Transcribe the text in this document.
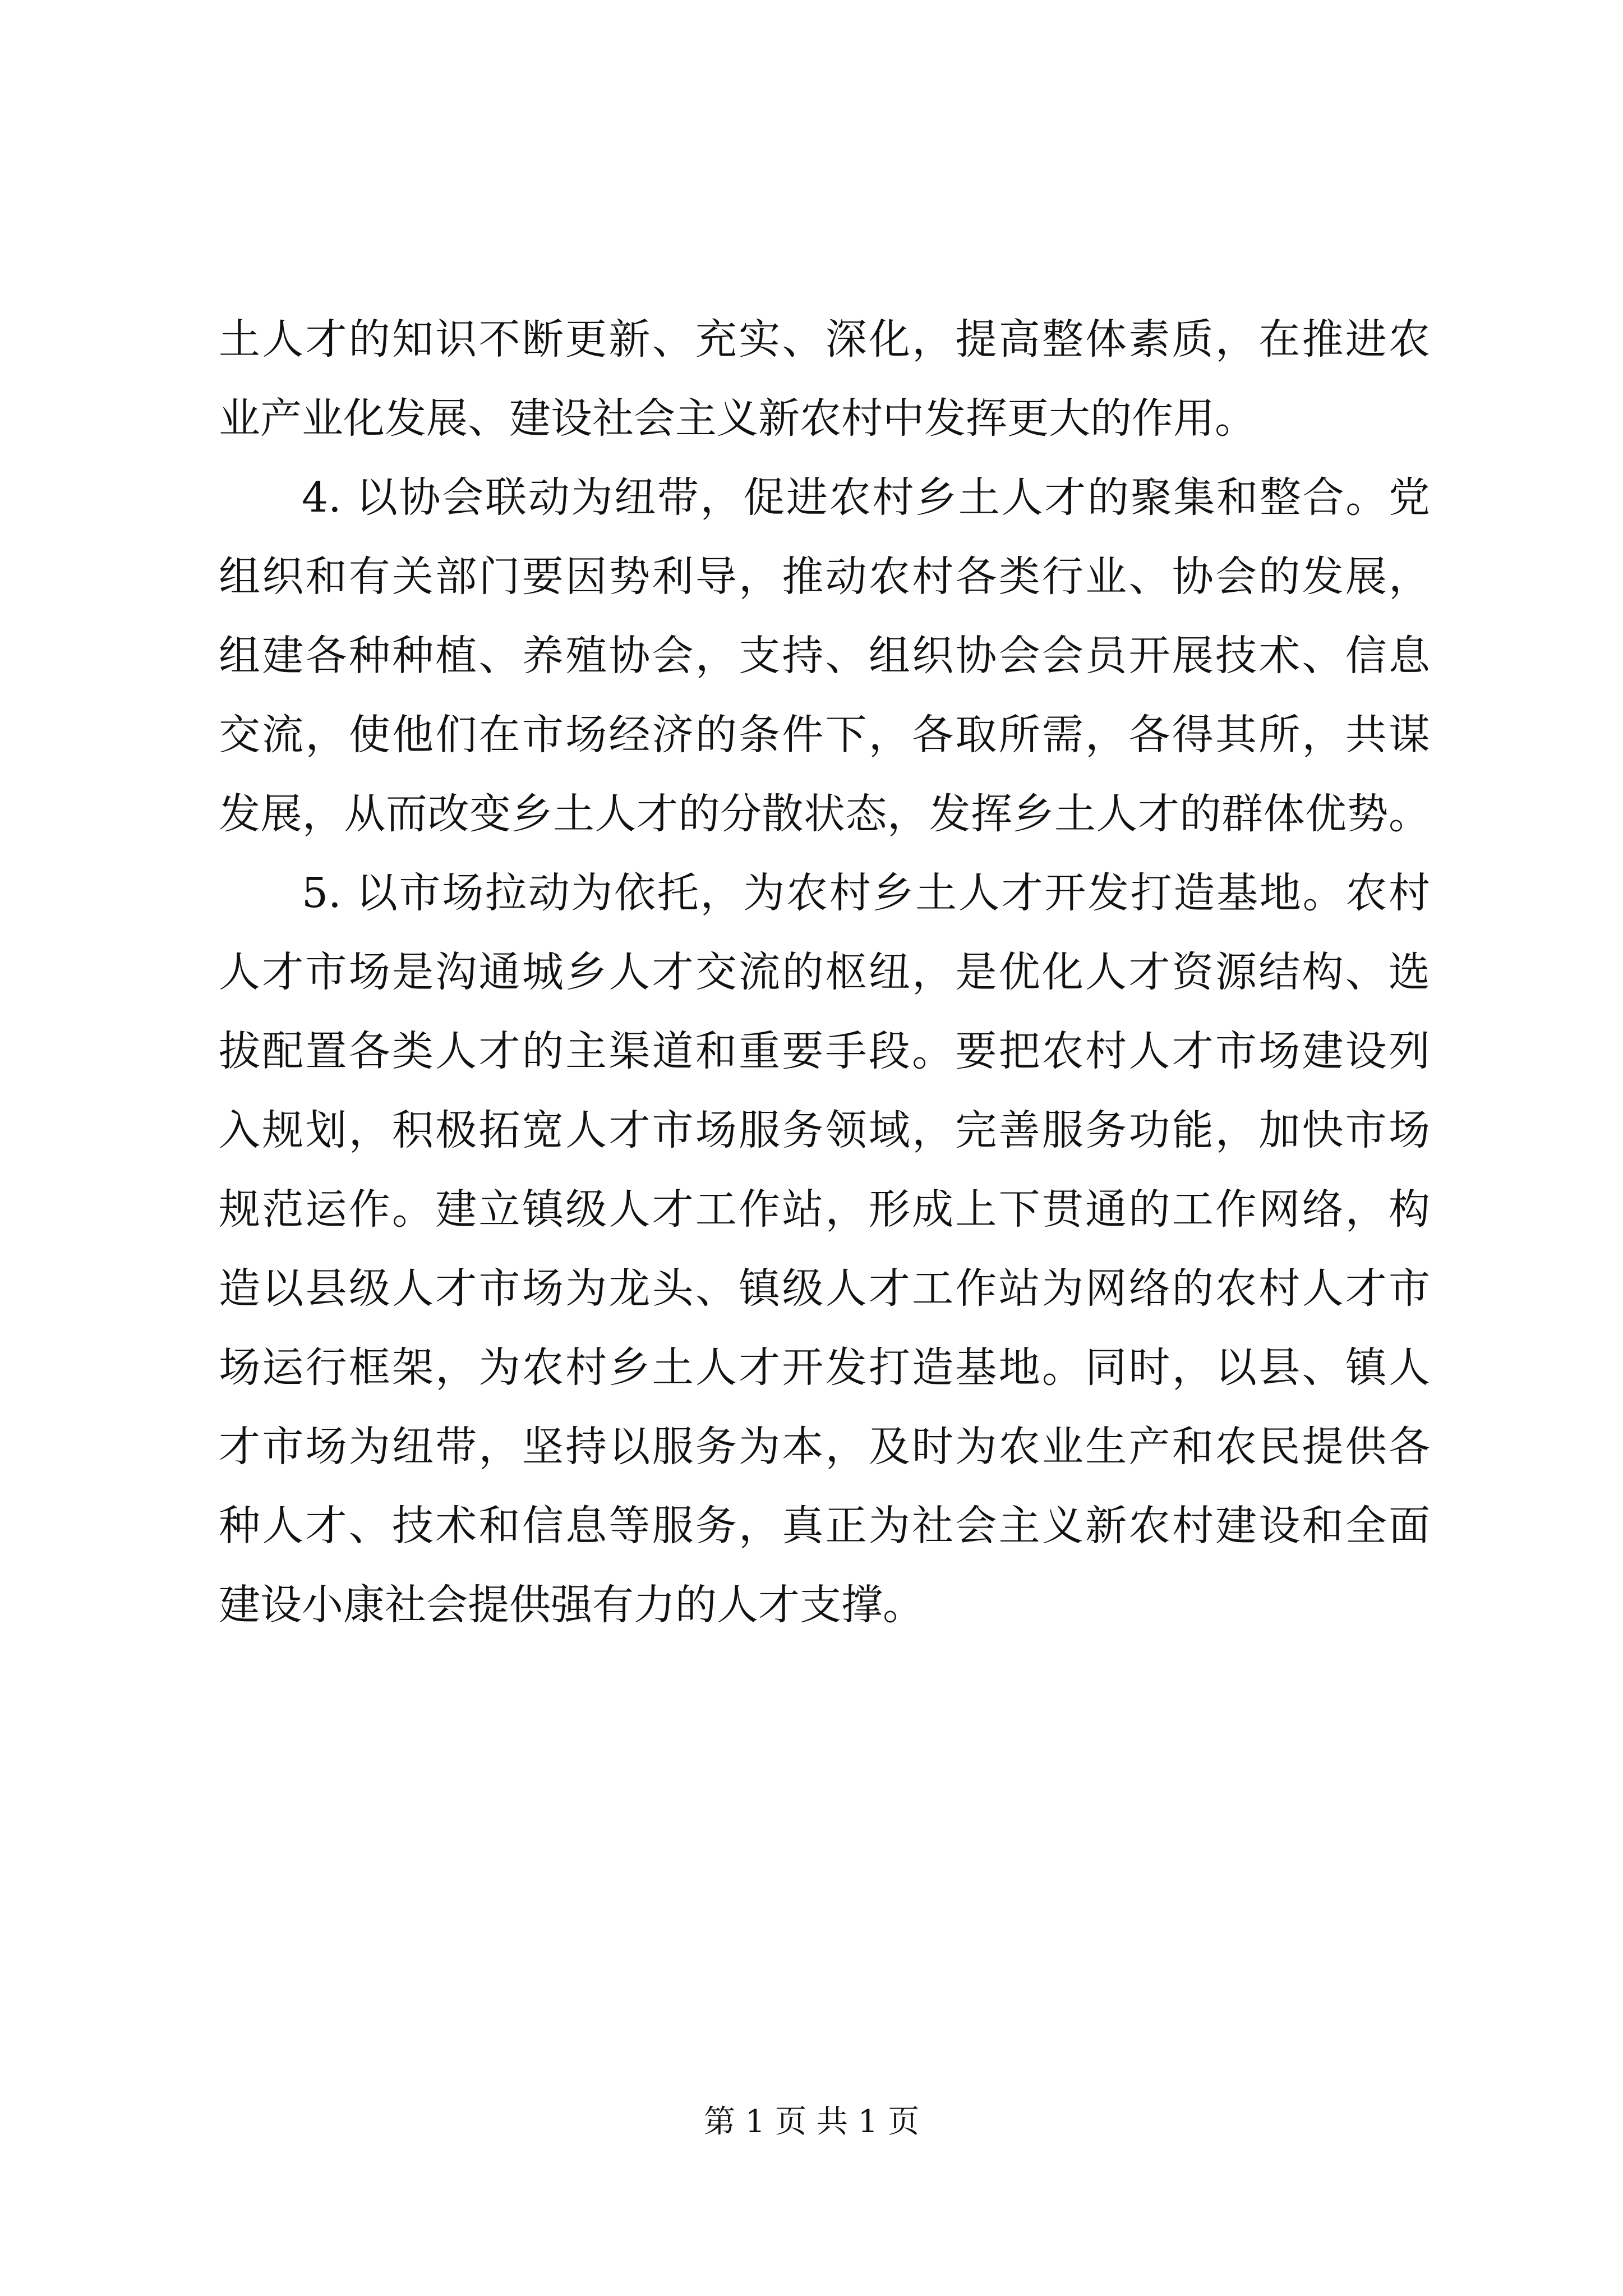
土人才的知识不断更新、充实、深化，提高整体素质，在推进农
业产业化发展、建设社会主义新农村中发挥更大的作用。
4. 以协会联动为纽带，促进农村乡土人才的聚集和整合。党
组织和有关部门要因势利导，推动农村各类行业、协会的发展，
组建各种种植、养殖协会，支持、组织协会会员开展技术、信息
交流，使他们在市场经济的条件下，各取所需，各得其所，共谋
发展，从而改变乡土人才的分散状态，发挥乡土人才的群体优势。
5. 以市场拉动为依托，为农村乡土人才开发打造基地。农村
人才市场是沟通城乡人才交流的枢纽，是优化人才资源结构、选
拔配置各类人才的主渠道和重要手段。要把农村人才市场建设列
入规划，积极拓宽人才市场服务领域，完善服务功能，加快市场
规范运作。建立镇级人才工作站，形成上下贯通的工作网络，构
造以县级人才市场为龙头、镇级人才工作站为网络的农村人才市
场运行框架，为农村乡土人才开发打造基地。同时，以县、镇人
才市场为纽带，坚持以服务为本，及时为农业生产和农民提供各
种人才、技术和信息等服务，真正为社会主义新农村建设和全面
建设小康社会提供强有力的人才支撑。
第 1 页 共 1 页
